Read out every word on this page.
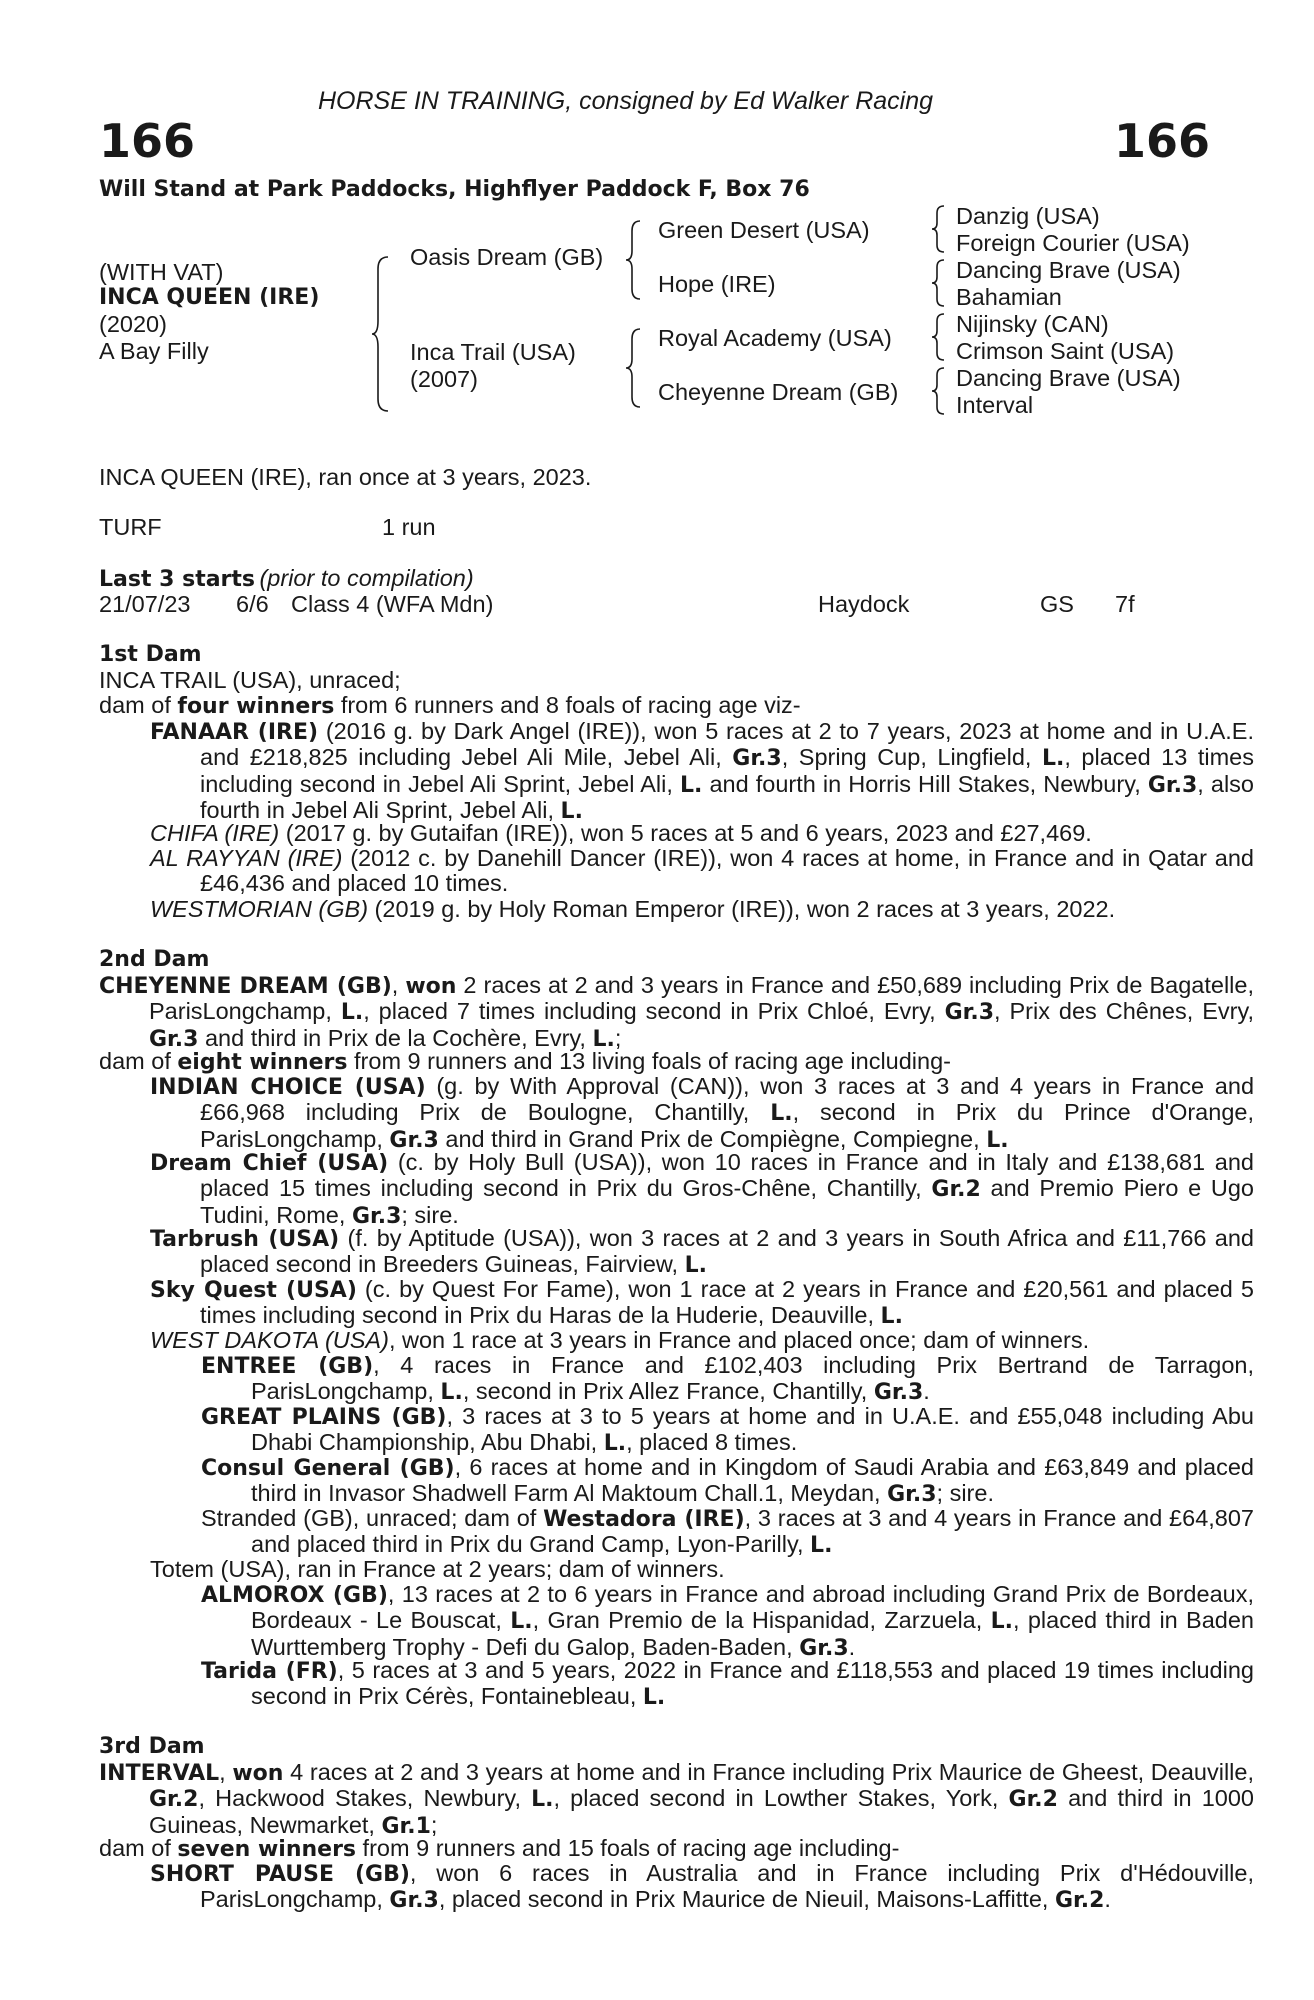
HORSE IN TRAINING, consigned by Ed Walker Racing
166	166
Will Stand at Park Paddocks, Highflyer Paddock F, Box 76
(WITH VAT)
INCA QUEEN (IRE)
(2020)
A Bay Filly
Oasis Dream (GB)
Inca Trail (USA)
(2007)
Green Desert (USA)
Hope (IRE)
Royal Academy (USA)
Cheyenne Dream (GB)
Danzig (USA)
Foreign Courier (USA)
Dancing Brave (USA)
Bahamian
Nijinsky (CAN)
Crimson Saint (USA)
Dancing Brave (USA)
Interval
INCA QUEEN (IRE), ran once at 3 years, 2023.
TURF	1 run
Last 3 starts (prior to compilation)
21/07/23 6/6 Class 4 (WFA Mdn)	Haydock	GS 7f
1st Dam
INCA TRAIL (USA), unraced;
dam of four winners from 6 runners and 8 foals of racing age viz-
FANAAR (IRE) (2016 g. by Dark Angel (IRE)), won 5 races at 2 to 7 years, 2023 at home and in U.A.E. and £218,825 including Jebel Ali Mile, Jebel Ali, Gr.3, Spring Cup, Lingfield, L., placed 13 times including second in Jebel Ali Sprint, Jebel Ali, L. and fourth in Horris Hill Stakes, Newbury, Gr.3, also fourth in Jebel Ali Sprint, Jebel Ali, L.
CHIFA (IRE) (2017 g. by Gutaifan (IRE)), won 5 races at 5 and 6 years, 2023 and £27,469.
AL RAYYAN (IRE) (2012 c. by Danehill Dancer (IRE)), won 4 races at home, in France and in Qatar and £46,436 and placed 10 times.
WESTMORIAN (GB) (2019 g. by Holy Roman Emperor (IRE)), won 2 races at 3 years, 2022.
2nd Dam
CHEYENNE DREAM (GB), won 2 races at 2 and 3 years in France and £50,689 including Prix de Bagatelle, ParisLongchamp, L., placed 7 times including second in Prix Chloé, Evry, Gr.3, Prix des Chênes, Evry, Gr.3 and third in Prix de la Cochère, Evry, L.;
dam of eight winners from 9 runners and 13 living foals of racing age including-
INDIAN CHOICE (USA) (g. by With Approval (CAN)), won 3 races at 3 and 4 years in France and £66,968 including Prix de Boulogne, Chantilly, L., second in Prix du Prince d'Orange, ParisLongchamp, Gr.3 and third in Grand Prix de Compiègne, Compiegne, L.
Dream Chief (USA) (c. by Holy Bull (USA)), won 10 races in France and in Italy and £138,681 and placed 15 times including second in Prix du Gros-Chêne, Chantilly, Gr.2 and Premio Piero e Ugo Tudini, Rome, Gr.3; sire.
Tarbrush (USA) (f. by Aptitude (USA)), won 3 races at 2 and 3 years in South Africa and £11,766 and placed second in Breeders Guineas, Fairview, L.
Sky Quest (USA) (c. by Quest For Fame), won 1 race at 2 years in France and £20,561 and placed 5 times including second in Prix du Haras de la Huderie, Deauville, L.
WEST DAKOTA (USA), won 1 race at 3 years in France and placed once; dam of winners.
ENTREE (GB), 4 races in France and £102,403 including Prix Bertrand de Tarragon, ParisLongchamp, L., second in Prix Allez France, Chantilly, Gr.3.
GREAT PLAINS (GB), 3 races at 3 to 5 years at home and in U.A.E. and £55,048 including Abu Dhabi Championship, Abu Dhabi, L., placed 8 times.
Consul General (GB), 6 races at home and in Kingdom of Saudi Arabia and £63,849 and placed third in Invasor Shadwell Farm Al Maktoum Chall.1, Meydan, Gr.3; sire.
Stranded (GB), unraced; dam of Westadora (IRE), 3 races at 3 and 4 years in France and £64,807 and placed third in Prix du Grand Camp, Lyon-Parilly, L.
Totem (USA), ran in France at 2 years; dam of winners.
ALMOROX (GB), 13 races at 2 to 6 years in France and abroad including Grand Prix de Bordeaux, Bordeaux - Le Bouscat, L., Gran Premio de la Hispanidad, Zarzuela, L., placed third in Baden Wurttemberg Trophy - Defi du Galop, Baden-Baden, Gr.3.
Tarida (FR), 5 races at 3 and 5 years, 2022 in France and £118,553 and placed 19 times including second in Prix Cérès, Fontainebleau, L.
3rd Dam
INTERVAL, won 4 races at 2 and 3 years at home and in France including Prix Maurice de Gheest, Deauville, Gr.2, Hackwood Stakes, Newbury, L., placed second in Lowther Stakes, York, Gr.2 and third in 1000 Guineas, Newmarket, Gr.1;
dam of seven winners from 9 runners and 15 foals of racing age including-
SHORT PAUSE (GB), won 6 races in Australia and in France including Prix d'Hédouville, ParisLongchamp, Gr.3, placed second in Prix Maurice de Nieuil, Maisons-Laffitte, Gr.2.
